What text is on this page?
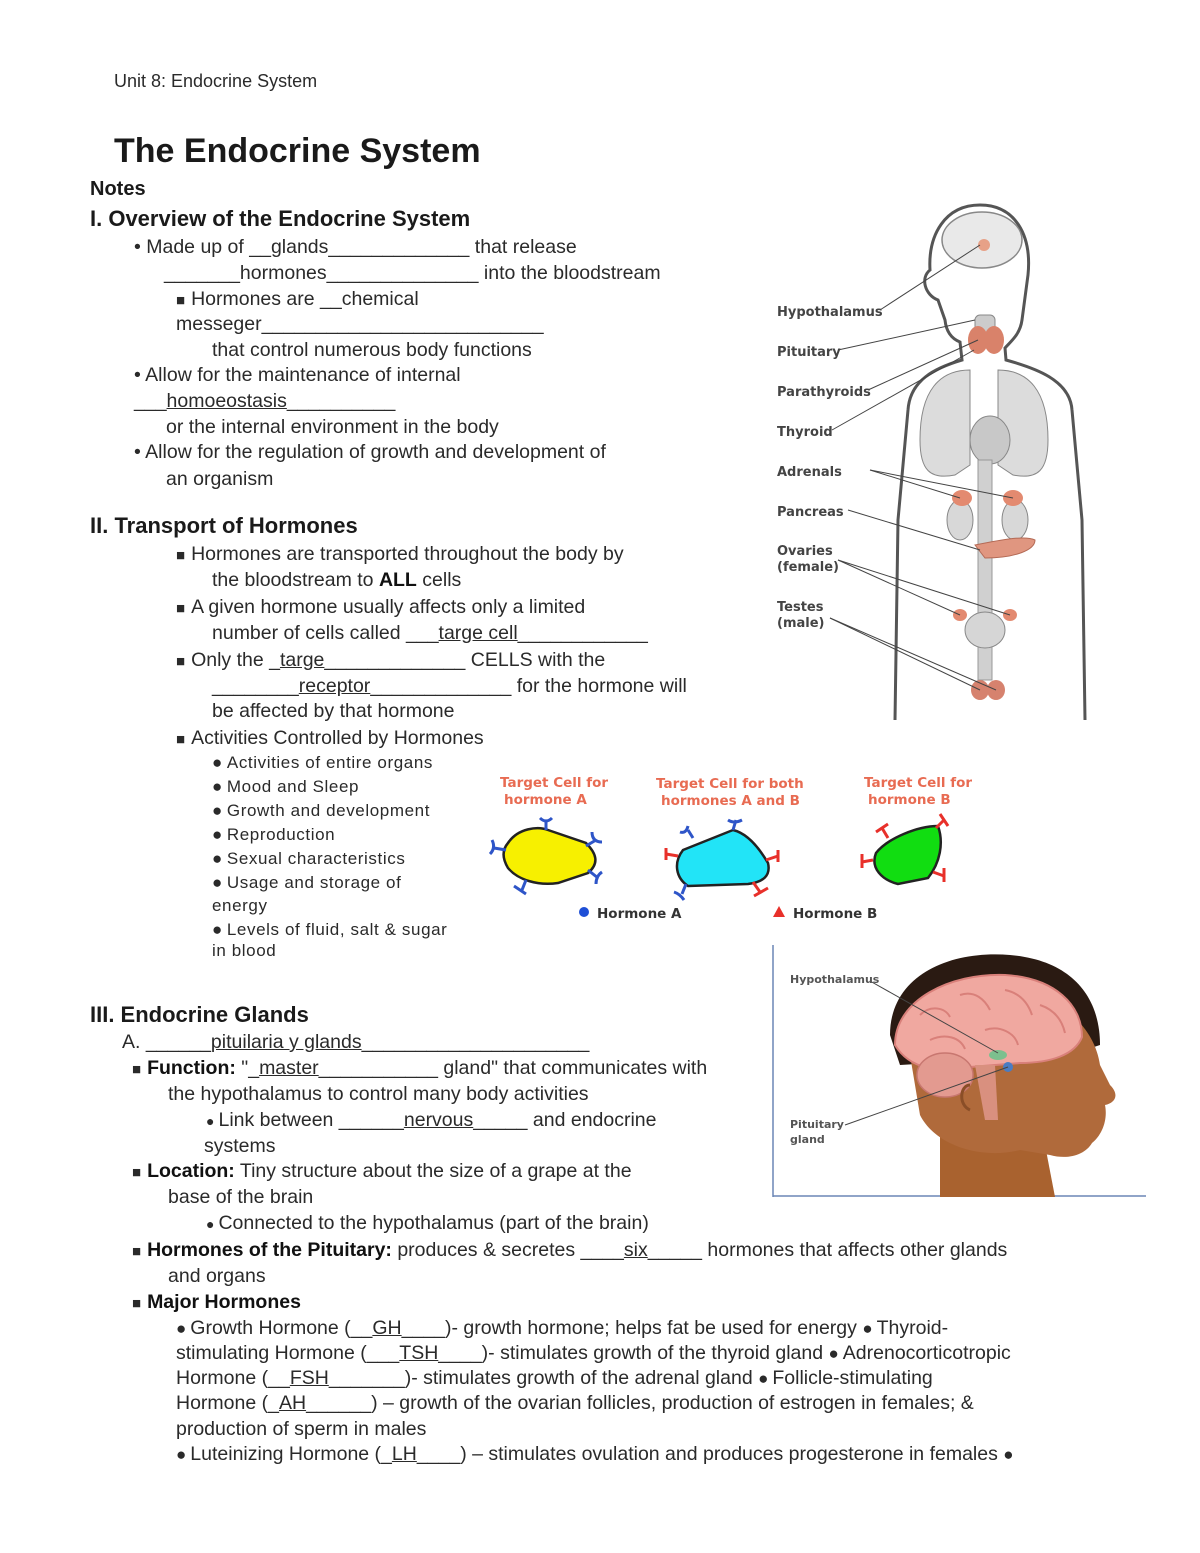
Unit 8: Endocrine System
The Endocrine System
Notes
I. Overview of the Endocrine System
• Made up of __glands_____________ that release
_______hormones______________ into the bloodstream
■ Hormones are __chemical
messeger__________________________
that control numerous body functions
• Allow for the maintenance of internal
___homoeostasis__________
or the internal environment in the body
• Allow for the regulation of growth and development of
an organism
II. Transport of Hormones
■ Hormones are transported throughout the body by
the bloodstream to ALL cells
■ A given hormone usually affects only a limited
number of cells called ___targe cell____________
■ Only the _targe_____________ CELLS with the
________receptor_____________ for the hormone will
be affected by that hormone
■ Activities Controlled by Hormones
● Activities of entire organs
● Mood and Sleep
● Growth and development
● Reproduction
● Sexual characteristics
● Usage and storage of
energy
● Levels of fluid, salt & sugar
in blood
III. Endocrine Glands
A. ______pituilaria y glands_____________________
■ Function: "_master___________ gland" that communicates with
the hypothalamus to control many body activities
● Link between ______nervous_____ and endocrine
systems
■ Location: Tiny structure about the size of a grape at the
base of the brain
● Connected to the hypothalamus (part of the brain)
■ Hormones of the Pituitary: produces & secretes ____six_____ hormones that affects other glands
and organs
■ Major Hormones
● Growth Hormone (__GH____)- growth hormone; helps fat be used for energy ● Thyroid-
stimulating Hormone (___TSH____)- stimulates growth of the thyroid gland ● Adrenocorticotropic
Hormone (__FSH_______)- stimulates growth of the adrenal gland ● Follicle-stimulating
Hormone (_AH______) – growth of the ovarian follicles, production of estrogen in females; &
production of sperm in males
● Luteinizing Hormone (_LH____) – stimulates ovulation and produces progesterone in females ●
Hypothalamus
Pituitary
Parathyroids
Thyroid
Adrenals
Pancreas
Ovaries
(female)
Testes
(male)
Target Cell for
hormone A
Target Cell for both
hormones A and B
Target Cell for
hormone B
Hormone A	Hormone B
Hypothalamus
Pituitary
gland
